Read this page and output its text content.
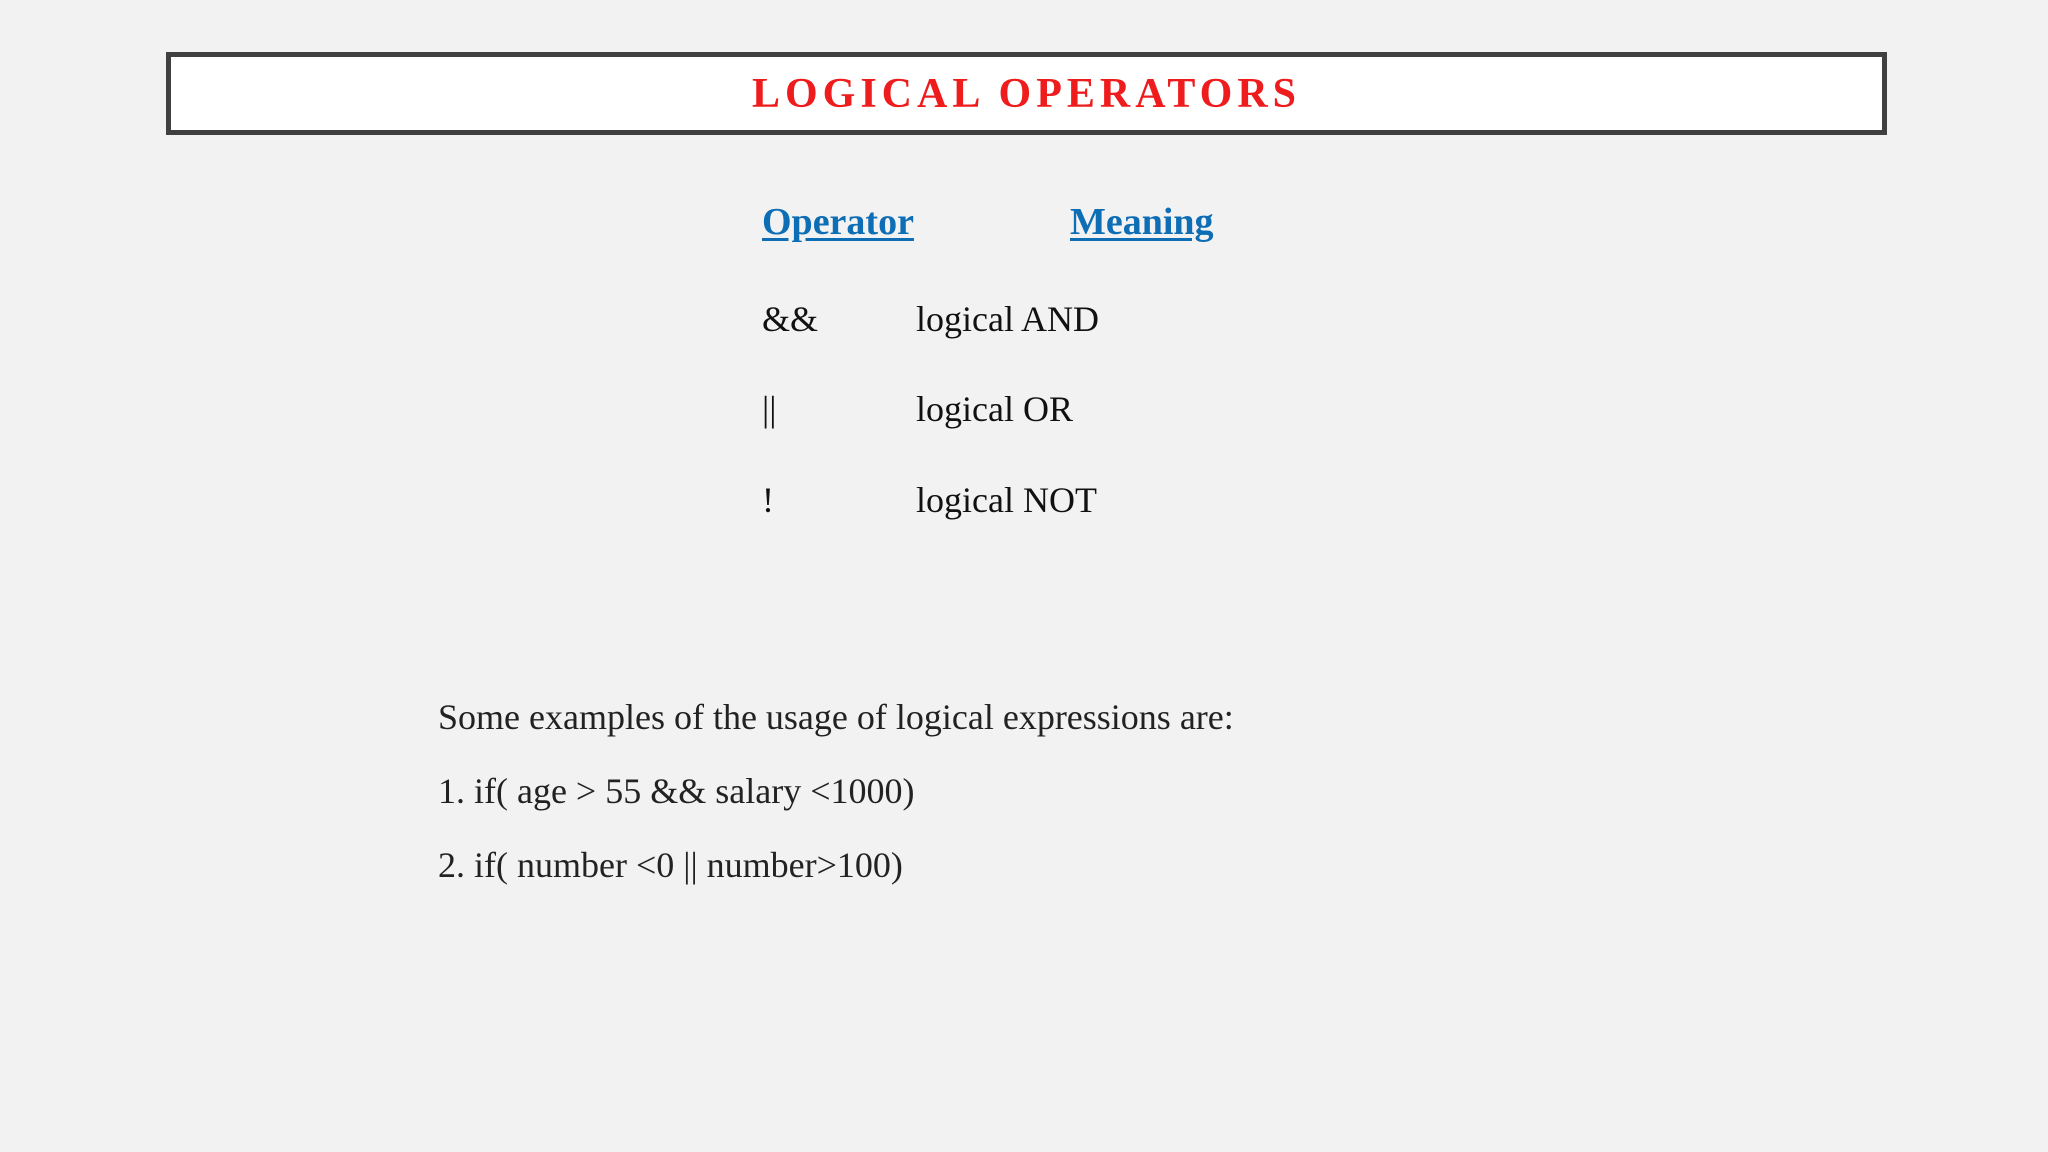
LOGICAL OPERATORS
Operator	Meaning
&&	logical AND
||	logical OR
!	logical NOT
Some examples of the usage of logical expressions are:
1. if( age > 55 && salary <1000)
2. if( number <0 || number>100)
